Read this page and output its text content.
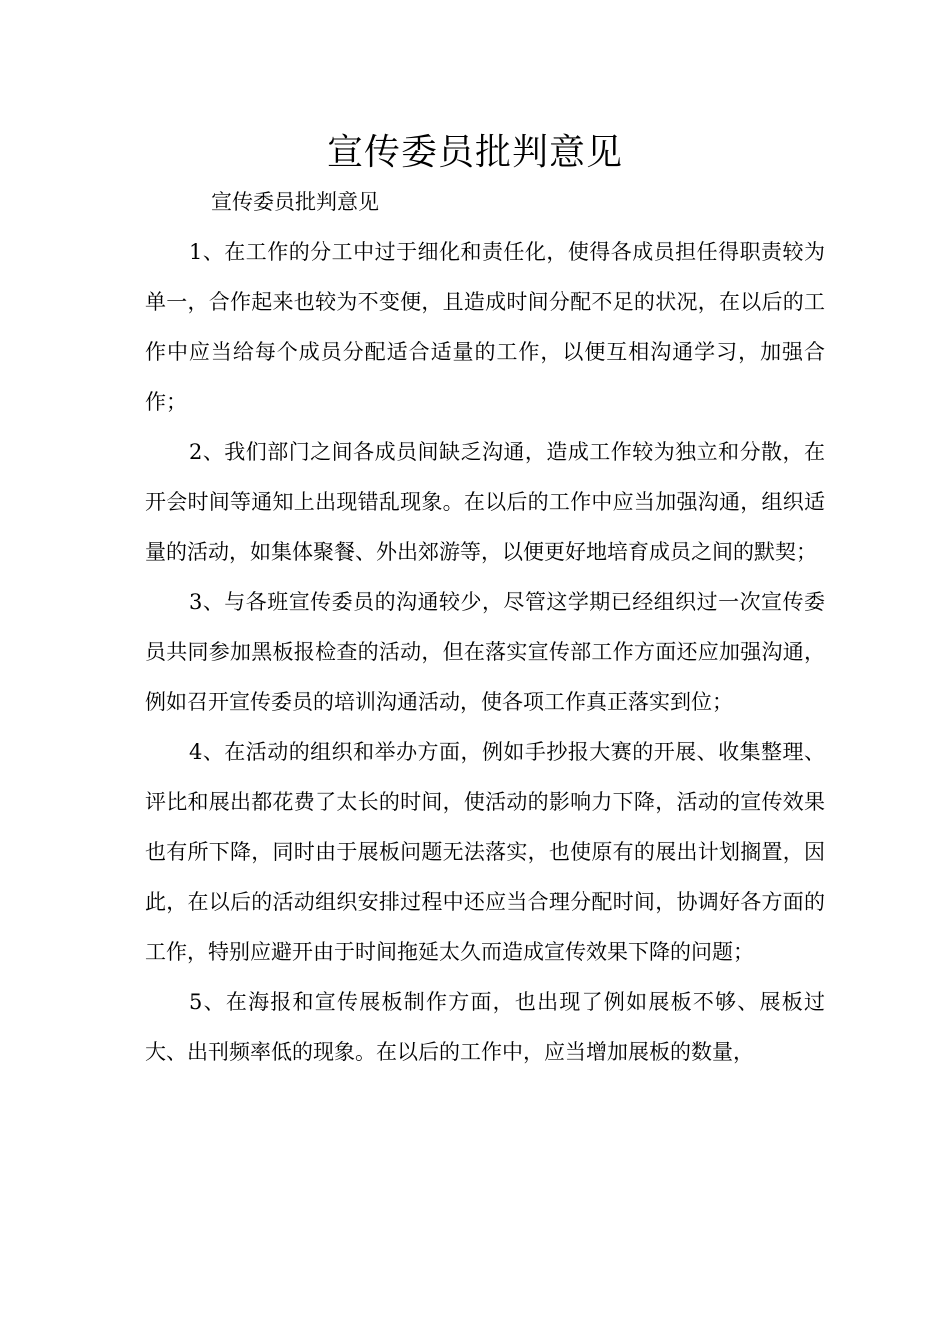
宣传委员批判意见

宣传委员批判意见

1、在工作的分工中过于细化和责任化，使得各成员担任得职责较为单一，合作起来也较为不变便，且造成时间分配不足的状况，在以后的工作中应当给每个成员分配适合适量的工作，以便互相沟通学习，加强合作；

2、我们部门之间各成员间缺乏沟通，造成工作较为独立和分散，在开会时间等通知上出现错乱现象。在以后的工作中应当加强沟通，组织适量的活动，如集体聚餐、外出郊游等，以便更好地培育成员之间的默契；

3、与各班宣传委员的沟通较少，尽管这学期已经组织过一次宣传委员共同参加黑板报检查的活动，但在落实宣传部工作方面还应加强沟通，例如召开宣传委员的培训沟通活动，使各项工作真正落实到位；

4、在活动的组织和举办方面，例如手抄报大赛的开展、收集整理、评比和展出都花费了太长的时间，使活动的影响力下降，活动的宣传效果也有所下降，同时由于展板问题无法落实，也使原有的展出计划搁置，因此，在以后的活动组织安排过程中还应当合理分配时间，协调好各方面的工作，特别应避开由于时间拖延太久而造成宣传效果下降的问题；

5、在海报和宣传展板制作方面，也出现了例如展板不够、展板过大、出刊频率低的现象。在以后的工作中，应当增加展板的数量，
